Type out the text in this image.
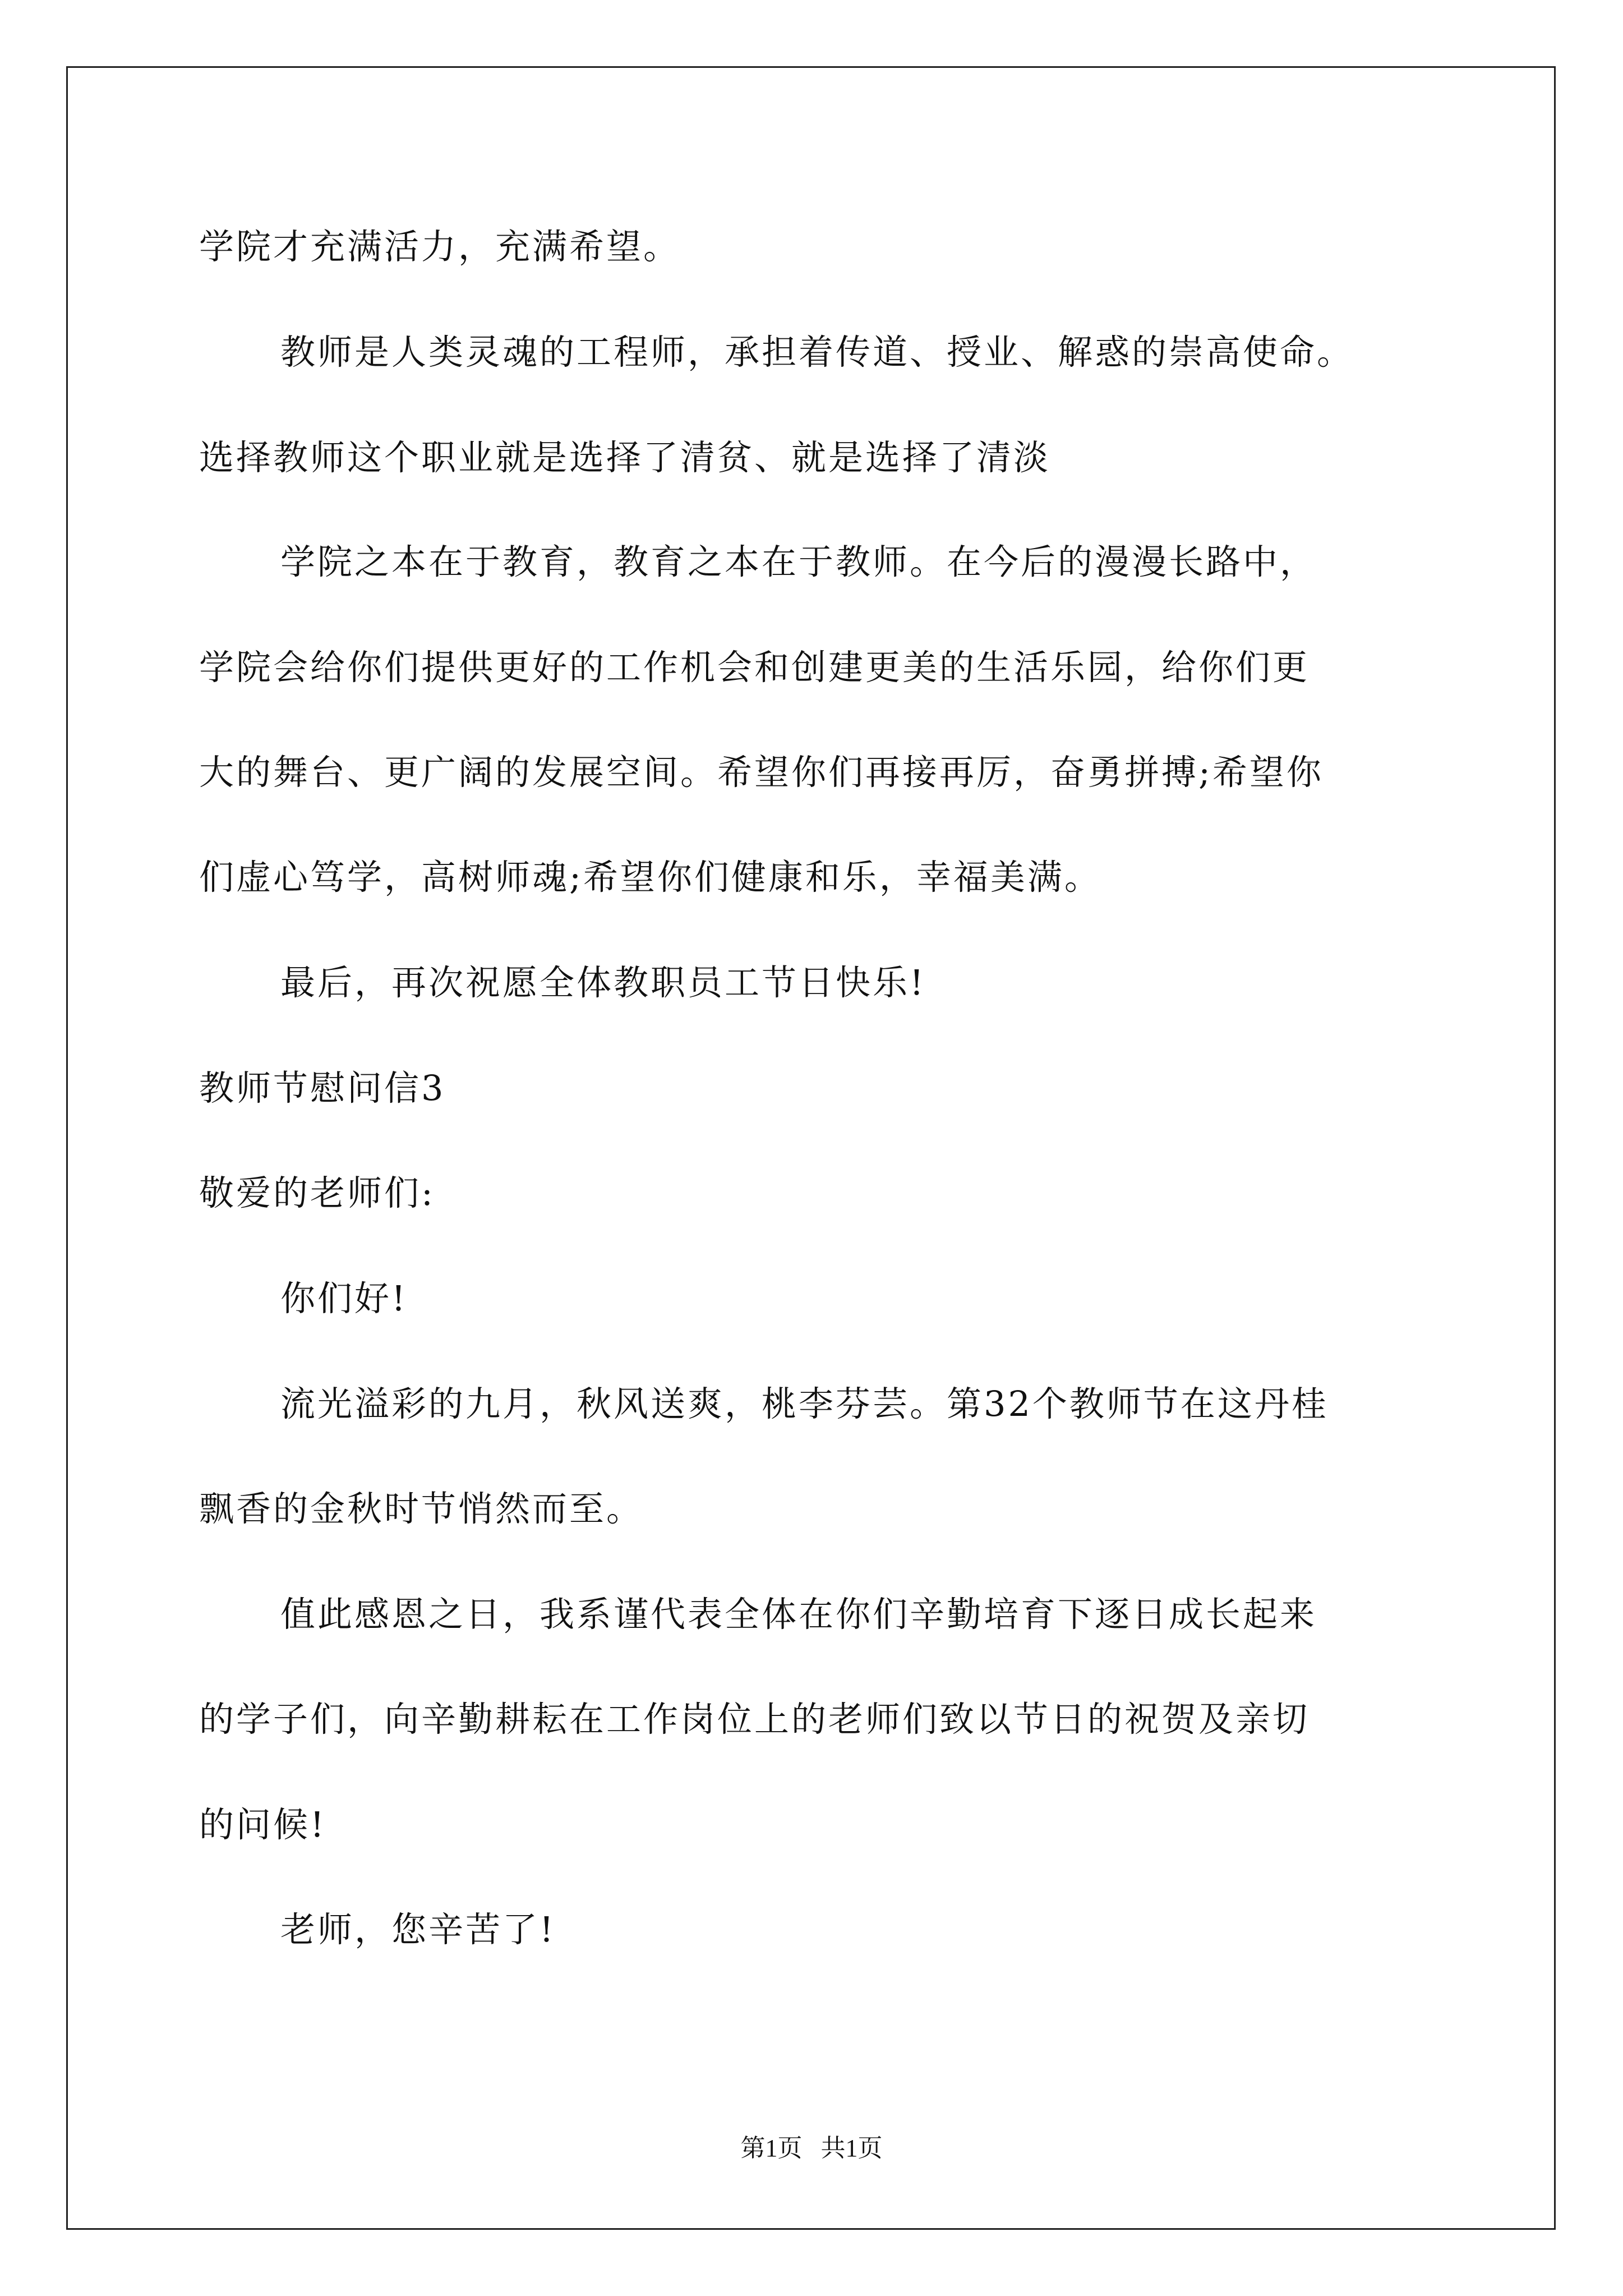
学院才充满活力，充满希望。
教师是人类灵魂的工程师，承担着传道、授业、解惑的崇高使命。
选择教师这个职业就是选择了清贫、就是选择了清淡
学院之本在于教育，教育之本在于教师。在今后的漫漫长路中，
学院会给你们提供更好的工作机会和创建更美的生活乐园，给你们更
大的舞台、更广阔的发展空间。希望你们再接再厉，奋勇拼搏;希望你
们虚心笃学，高树师魂;希望你们健康和乐，幸福美满。
最后，再次祝愿全体教职员工节日快乐!
教师节慰问信3
敬爱的老师们:
你们好!
流光溢彩的九月，秋风送爽，桃李芬芸。第32个教师节在这丹桂
飘香的金秋时节悄然而至。
值此感恩之日，我系谨代表全体在你们辛勤培育下逐日成长起来
的学子们，向辛勤耕耘在工作岗位上的老师们致以节日的祝贺及亲切
的问候!
老师，您辛苦了!
第1页   共1页
